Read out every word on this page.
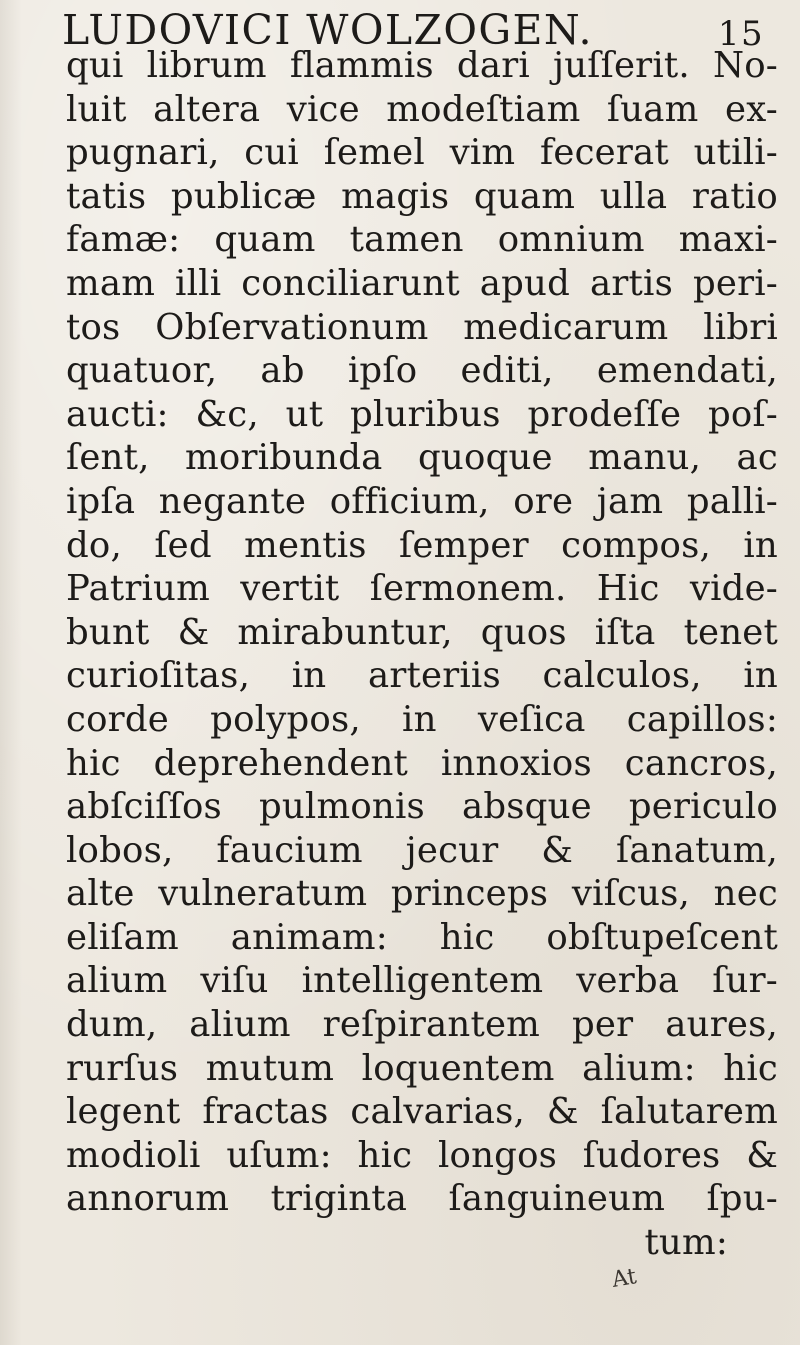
LUDOVICI WOLZOGEN.	15
qui librum flammis dari juſſerit. No-
luit altera vice modeſtiam ſuam ex-
pugnari, cui ſemel vim fecerat utili-
tatis publicæ magis quam ulla ratio
famæ: quam tamen omnium maxi-
mam illi conciliarunt apud artis peri-
tos Obſervationum medicarum libri
quatuor, ab ipſo editi, emendati,
aucti: &c, ut pluribus prodeſſe poſ-
ſent, moribunda quoque manu, ac
ipſa negante officium, ore jam palli-
do, ſed mentis ſemper compos, in
Patrium vertit ſermonem. Hic vide-
bunt & mirabuntur, quos iſta tenet
curioſitas, in arteriis calculos, in
corde polypos, in veſica capillos:
hic deprehendent innoxios cancros,
abſciſſos pulmonis absque periculo
lobos, faucium jecur & ſanatum,
alte vulneratum princeps viſcus, nec
eliſam animam: hic obſtupeſcent
alium viſu intelligentem verba ſur-
dum, alium reſpirantem per aures,
rurſus mutum loquentem alium: hic
legent fractas calvarias, & ſalutarem
modioli uſum: hic longos ſudores &
annorum triginta ſanguineum ſpu-
tum:
At
